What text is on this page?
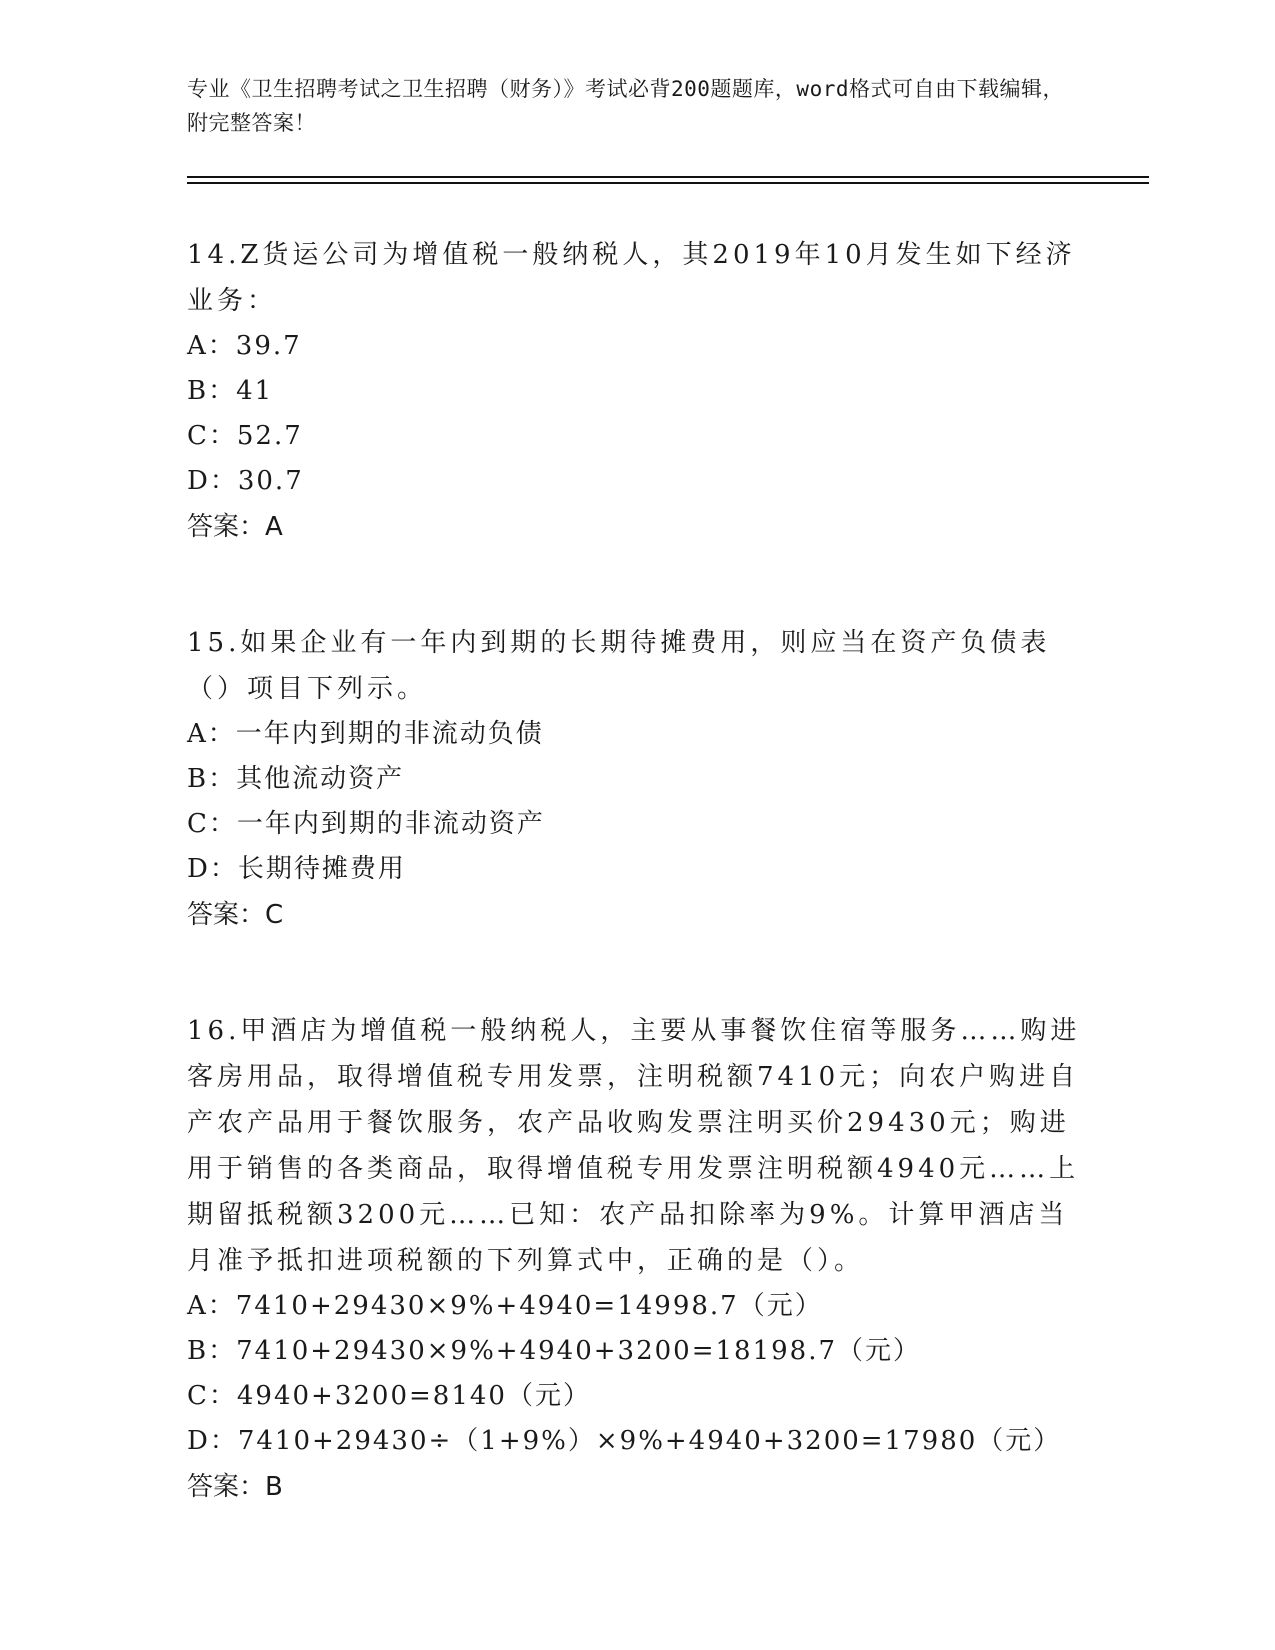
专业《卫生招聘考试之卫生招聘（财务）》考试必背200题题库，word格式可自由下载编辑，附完整答案！

14.Z货运公司为增值税一般纳税人，其2019年10月发生如下经济业务：

A：39.7

B：41

C：52.7

D：30.7

答案：A

15.如果企业有一年内到期的长期待摊费用，则应当在资产负债表（）项目下列示。

A：一年内到期的非流动负债

B：其他流动资产

C：一年内到期的非流动资产

D：长期待摊费用

答案：C

16.甲酒店为增值税一般纳税人，主要从事餐饮住宿等服务……购进客房用品，取得增值税专用发票，注明税额7410元；向农户购进自产农产品用于餐饮服务，农产品收购发票注明买价29430元；购进用于销售的各类商品，取得增值税专用发票注明税额4940元……上期留抵税额3200元……已知：农产品扣除率为9%。计算甲酒店当月准予抵扣进项税额的下列算式中，正确的是（）。

A：7410+29430×9%+4940=14998.7（元）

B：7410+29430×9%+4940+3200=18198.7（元）

C：4940+3200=8140（元）

D：7410+29430÷（1+9%）×9%+4940+3200=17980（元）

答案：B
